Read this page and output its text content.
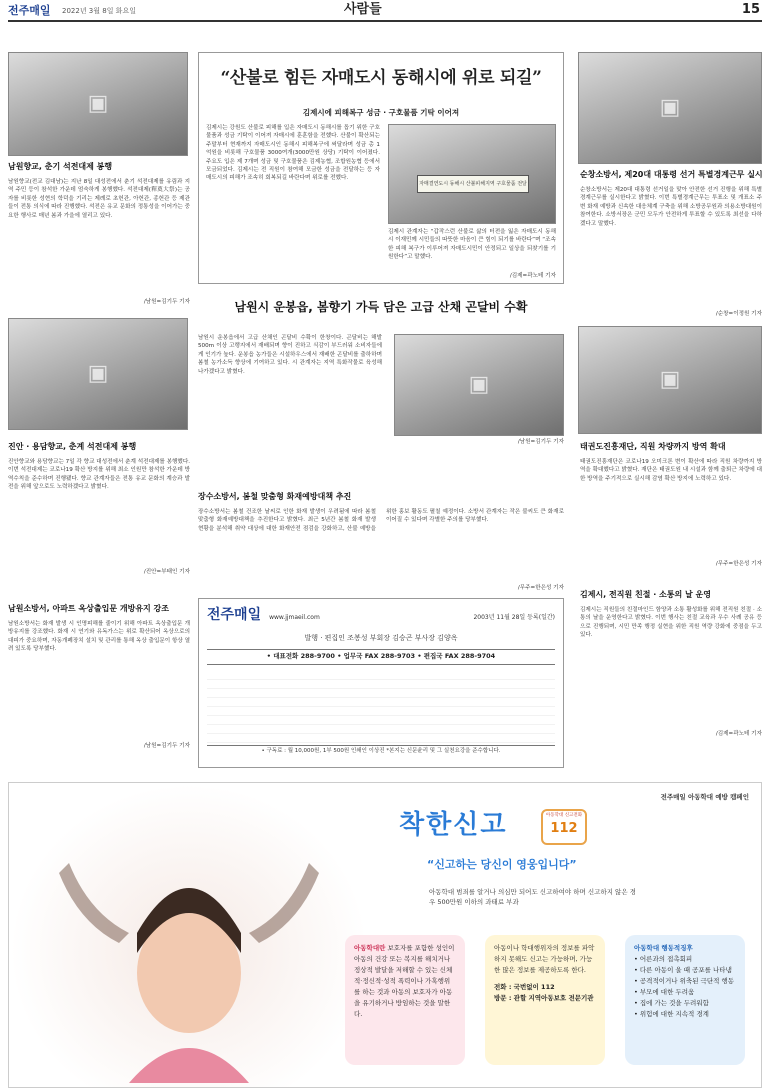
전주매일 2022년 3월 8일 화요일	사람들	15
▣
남원향교, 춘기 석전대제 봉행
남원향교(전교 김대남)는 지난 8일 대성전에서 춘기 석전대제를 유림과 지역 주민 등이 참석한 가운데 엄숙하게 봉행했다. 석전대제(釋奠大祭)는 공자를 비롯한 성현의 학덕을 기리는 제례로 초헌관, 아헌관, 종헌관 등 제관들이 전통 의식에 따라 진행했다. 석전은 유교 문화의 정통성을 이어가는 중요한 행사로 매년 봄과 가을에 열리고 있다.
/남원=김기두 기자
▣
진안 · 용담향교, 춘계 석전대제 봉행
진안향교와 용담향교는 7일 각 향교 대성전에서 춘계 석전대제를 봉행했다. 이번 석전대제는 코로나19 확산 방지를 위해 최소 인원만 참석한 가운데 방역수칙을 준수하며 진행됐다. 향교 관계자들은 전통 유교 문화의 계승과 발전을 위해 앞으로도 노력하겠다고 밝혔다.
/진안=부태인 기자
남원소방서, 아파트 옥상출입문 개방유지 강조
남원소방서는 화재 발생 시 인명피해를 줄이기 위해 아파트 옥상출입문 개방유지를 강조했다. 화재 시 연기와 유독가스는 위로 확산되어 옥상으로의 대피가 중요하며, 자동개폐장치 설치 및 관리를 통해 옥상 출입문이 항상 열려 있도록 당부했다.
/남원=김기두 기자
“산불로 힘든 자매도시 동해시에 위로 되길”
김제시에 피해복구 성금 · 구호물품 기탁 이어져
김제시는 강원도 산불로 피해를 입은 자매도시 동해시를 돕기 위한 구호물품과 성금 기탁이 이어져 자매시에 훈훈함을 전했다. 산불이 확산되는 주말부터 현재까지 자매도시인 동해시 피해복구에 써달라며 성금 총 1억원을 비롯해 구호물품 3000여개(3000만원 상당) 기탁이 이어졌다. 주요도 입은 제 7개며 성금 및 구호물품은 김제농협, 조합원농협 등에서 모금되었다. 김제시는 전 직원이 참여해 모금한 성금을 전달하는 등 자매도시의 피해가 조속히 회복되길 바란다며 위로를 전했다.
자매결연도시 동해시 산불피해지역 구호물품 전달
김제시 관계자는 “갑작스런 산불로 삶의 터전을 잃은 자매도시 동해시 이재민께 시민들의 따뜻한 마음이 큰 힘이 되기를 바란다”며 “조속한 피해 복구가 이루어져 자매도시민이 안정되고 일상을 되찾기를 기원한다”고 말했다.
/김제=곽노테 기자
남원시 운봉읍, 봄향기 가득 담은 고급 산채 곤달비 수확
남원시 운봉읍에서 고급 산채인 곤달비 수확이 한창이다. 곤달비는 해발 500m 이상 고랭지에서 재배되며 향이 진하고 식감이 부드러워 소비자들에게 인기가 높다. 운봉읍 농가들은 시설하우스에서 재배한 곤달비를 출하하며 봄철 농가소득 향상에 기여하고 있다. 시 관계자는 지역 특화작물로 육성해 나가겠다고 밝혔다.
▣
/남원=김기두 기자
장수소방서, 봄철 맞춤형 화재예방대책 추진
장수소방서는 봄철 건조한 날씨로 인한 화재 발생이 우려됨에 따라 봄철 맞춤형 화재예방대책을 추진한다고 밝혔다. 최근 5년간 봄철 화재 발생 현황을 분석해 취약 대상에 대한 화재안전 점검을 강화하고, 산불 예방을 위한 홍보 활동도 펼칠 예정이다. 소방서 관계자는 작은 불씨도 큰 화재로 이어질 수 있다며 각별한 주의를 당부했다.
/무주=한은성 기자
전주매일 www.jjmaeil.com	2003년 11월 28일 등록(일간)
발행 · 편집인 조봉성 부회장 김승곤 부사장 김양옥
• 대표전화 288-9700 • 업무국 FAX 288-9703 • 편집국 FAX 288-9704
• 구독료 : 월 10,000원, 1부 500원 인쇄인 이상진 *본지는 신문윤리 및 그 실천요강을 준수합니다.
▣
순창소방서, 제20대 대통령 선거 특별경계근무 실시
순창소방서는 제20대 대통령 선거일을 맞아 안전한 선거 진행을 위해 특별경계근무를 실시한다고 밝혔다. 이번 특별경계근무는 투표소 및 개표소 주변 화재 예방과 신속한 대응체계 구축을 위해 소방공무원과 의용소방대원이 참여한다. 소방서장은 군민 모두가 안전하게 투표할 수 있도록 최선을 다하겠다고 말했다.
/순창=이정원 기자
▣
태권도진흥재단, 직원 차량까지 방역 확대
태권도진흥재단은 코로나19 오미크론 변이 확산에 따라 직원 차량까지 방역을 확대했다고 밝혔다. 재단은 태권도원 내 시설과 함께 출퇴근 차량에 대한 방역을 주기적으로 실시해 감염 확산 방지에 노력하고 있다.
/무주=한은성 기자
김제시, 전직원 친절 · 소통의 날 운영
김제시는 직원들의 친절마인드 함양과 소통 활성화를 위해 전직원 친절 · 소통의 날을 운영한다고 밝혔다. 이번 행사는 친절 교육과 우수 사례 공유 등으로 진행되며, 시민 만족 행정 실현을 위한 직원 역량 강화에 중점을 두고 있다.
/김제=곽노테 기자
전주매일 아동학대 예방 캠페인
착한신고	아동학대 신고전화
112
“신고하는 당신이 영웅입니다”
아동학대 범죄를 알거나 의심만 되어도 신고하여야 하며 신고하지 않은 경우 500만원 이하의 과태료 부과
아동학대란 보호자를 포함한 성인이 아동의 건강 또는 복지를 해치거나 정상적 발달을 저해할 수 있는 신체적·정신적·성적 폭력이나 가혹행위를 하는 것과 아동의 보호자가 아동을 유기하거나 방임하는 것을 말한다.
아동이나 학대행위자의 정보를 파악하지 못해도 신고는 가능하며, 가능한 많은 정보를 제공하도록 한다.
전화 : 국번없이 112
방문 : 관할 지역아동보호 전문기관
아동학대 행동적징후
• 어른과의 접촉회피
• 다른 아동이 울 때 공포를 나타냄
• 공격적이거나 위축된 극단적 행동
• 부모에 대한 두려움
• 집에 가는 것을 두려워함
• 위험에 대한 지속적 경계
